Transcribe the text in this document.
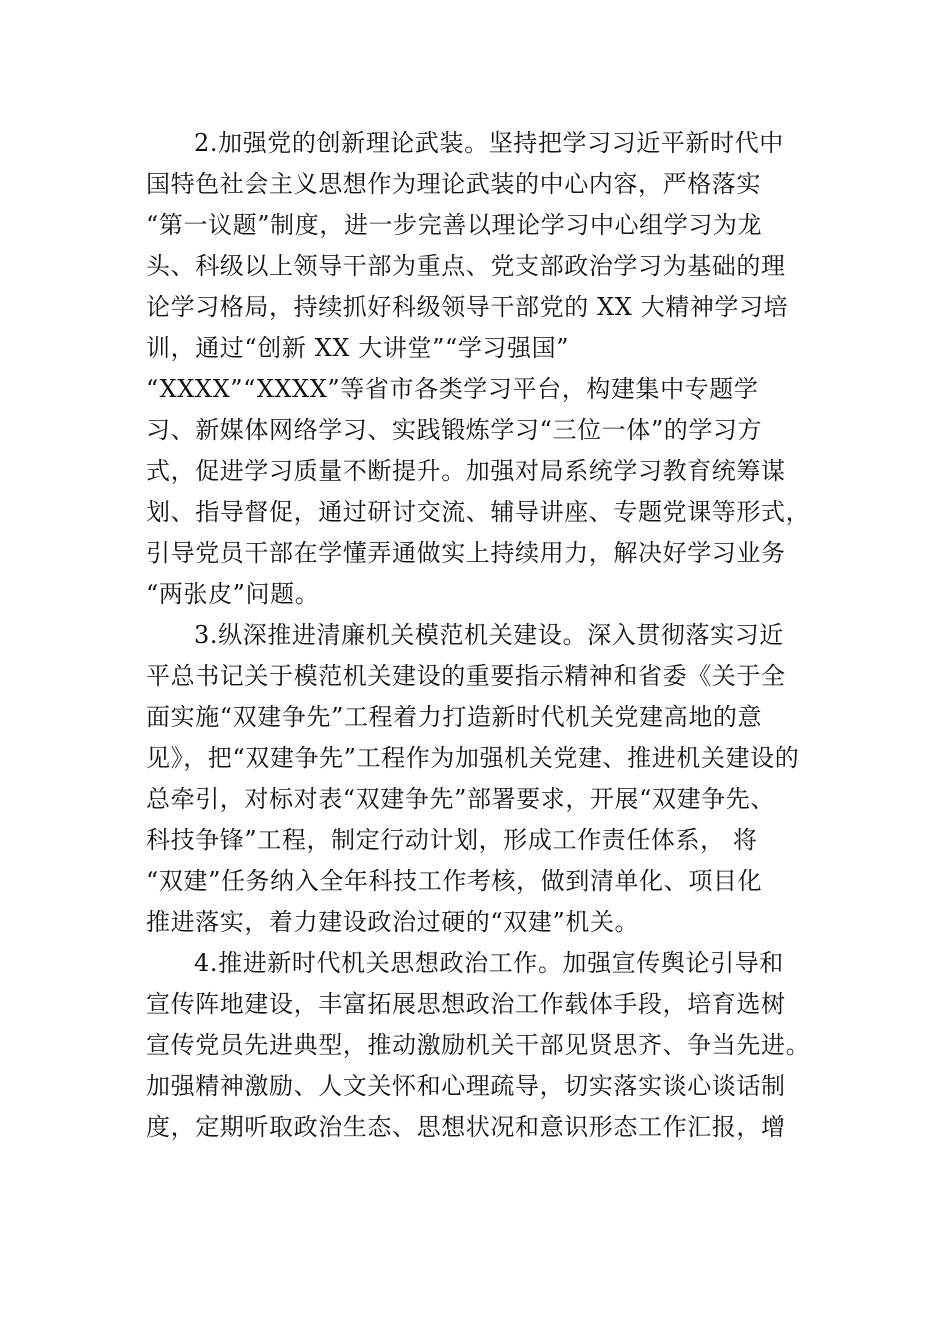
2.加强党的创新理论武装。坚持把学习习近平新时代中
国特色社会主义思想作为理论武装的中心内容，严格落实
“第一议题”制度，进一步完善以理论学习中心组学习为龙
头、科级以上领导干部为重点、党支部政治学习为基础的理
论学习格局，持续抓好科级领导干部党的 XX 大精神学习培
训，通过“创新 XX 大讲堂”“学习强国”
“XXXX”“XXXX”等省市各类学习平台，构建集中专题学
习、新媒体网络学习、实践锻炼学习“三位一体”的学习方
式，促进学习质量不断提升。加强对局系统学习教育统筹谋
划、指导督促，通过研讨交流、辅导讲座、专题党课等形式，
引导党员干部在学懂弄通做实上持续用力，解决好学习业务
“两张皮”问题。
3.纵深推进清廉机关模范机关建设。深入贯彻落实习近
平总书记关于模范机关建设的重要指示精神和省委《关于全
面实施“双建争先”工程着力打造新时代机关党建高地的意
见》，把“双建争先”工程作为加强机关党建、推进机关建设的
总牵引，对标对表“双建争先”部署要求，开展“双建争先、
科技争锋”工程，制定行动计划，形成工作责任体系， 将
“双建”任务纳入全年科技工作考核，做到清单化、项目化
推进落实，着力建设政治过硬的“双建”机关。
4.推进新时代机关思想政治工作。加强宣传舆论引导和
宣传阵地建设，丰富拓展思想政治工作载体手段，培育选树
宣传党员先进典型，推动激励机关干部见贤思齐、争当先进。
加强精神激励、人文关怀和心理疏导，切实落实谈心谈话制
度，定期听取政治生态、思想状况和意识形态工作汇报，增
